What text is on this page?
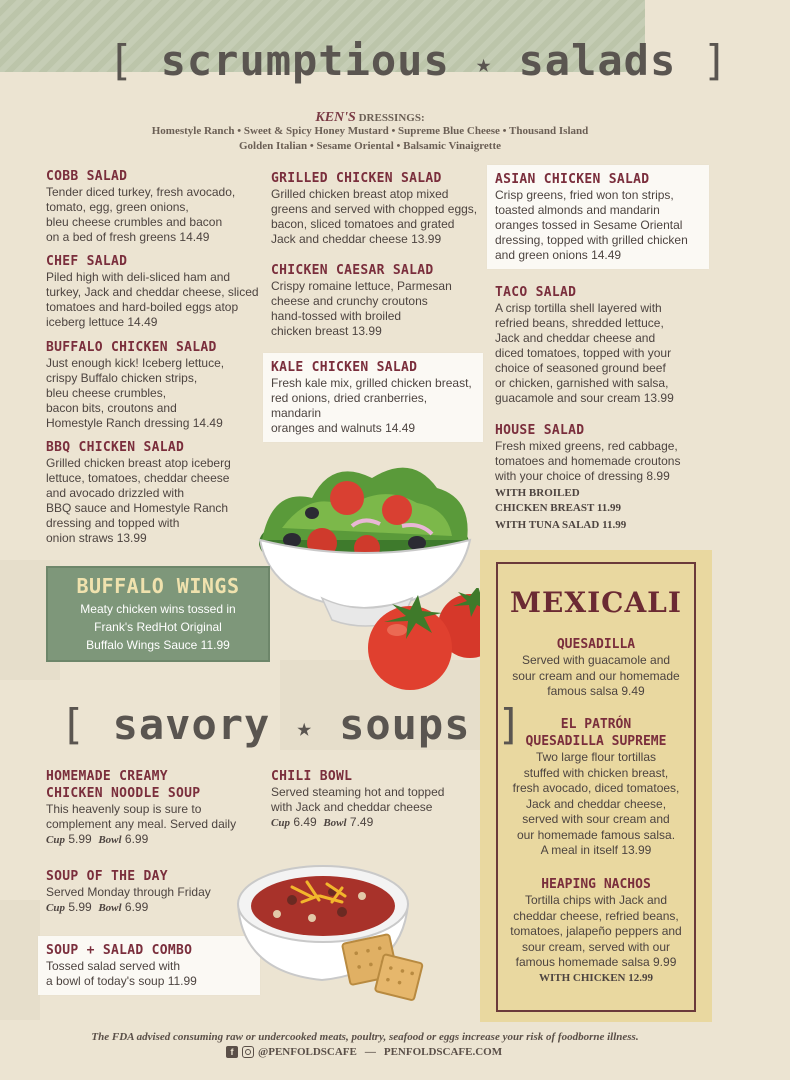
[ scrumptious ★ salads ]
KEN'S DRESSINGS:
Homestyle Ranch • Sweet & Spicy Honey Mustard • Supreme Blue Cheese • Thousand Island
Golden Italian • Sesame Oriental • Balsamic Vinaigrette
COBB SALAD
Tender diced turkey, fresh avocado,
tomato, egg, green onions,
bleu cheese crumbles and bacon
on a bed of fresh greens 14.49
CHEF SALAD
Piled high with deli-sliced ham and
turkey, Jack and cheddar cheese, sliced
tomatoes and hard-boiled eggs atop
iceberg lettuce 14.49
BUFFALO CHICKEN SALAD
Just enough kick! Iceberg lettuce,
crispy Buffalo chicken strips,
bleu cheese crumbles,
bacon bits, croutons and
Homestyle Ranch dressing 14.49
BBQ CHICKEN SALAD
Grilled chicken breast atop iceberg
lettuce, tomatoes, cheddar cheese
and avocado drizzled with
BBQ sauce and Homestyle Ranch
dressing and topped with
onion straws 13.99
GRILLED CHICKEN SALAD
Grilled chicken breast atop mixed
greens and served with chopped eggs,
bacon, sliced tomatoes and grated
Jack and cheddar cheese 13.99
CHICKEN CAESAR SALAD
Crispy romaine lettuce, Parmesan
cheese and crunchy croutons
hand-tossed with broiled
chicken breast 13.99
KALE CHICKEN SALAD
Fresh kale mix, grilled chicken breast,
red onions, dried cranberries, mandarin
oranges and walnuts 14.49
ASIAN CHICKEN SALAD
Crisp greens, fried won ton strips,
toasted almonds and mandarin
oranges tossed in Sesame Oriental
dressing, topped with grilled chicken
and green onions 14.49
TACO SALAD
A crisp tortilla shell layered with
refried beans, shredded lettuce,
Jack and cheddar cheese and
diced tomatoes, topped with your
choice of seasoned ground beef
or chicken, garnished with salsa,
guacamole and sour cream 13.99
HOUSE SALAD
Fresh mixed greens, red cabbage,
tomatoes and homemade croutons
with your choice of dressing 8.99
WITH BROILED
CHICKEN BREAST 11.99
WITH TUNA SALAD 11.99
BUFFALO WINGS
Meaty chicken wins tossed in
Frank's RedHot Original
Buffalo Wings Sauce 11.99
MEXICALI
QUESADILLA
Served with guacamole and
sour cream and our homemade
famous salsa 9.49
EL PATRÓN
QUESADILLA SUPREME
Two large flour tortillas
stuffed with chicken breast,
fresh avocado, diced tomatoes,
Jack and cheddar cheese,
served with sour cream and
our homemade famous salsa.
A meal in itself 13.99
HEAPING NACHOS
Tortilla chips with Jack and
cheddar cheese, refried beans,
tomatoes, jalapeño peppers and
sour cream, served with our
famous homemade salsa 9.99
WITH CHICKEN 12.99
[ savory ★ soups ]
HOMEMADE CREAMY
CHICKEN NOODLE SOUP
This heavenly soup is sure to
complement any meal. Served daily
Cup 5.99 Bowl 6.99
SOUP OF THE DAY
Served Monday through Friday
Cup 5.99 Bowl 6.99
SOUP + SALAD COMBO
Tossed salad served with
a bowl of today's soup 11.99
CHILI BOWL
Served steaming hot and topped
with Jack and cheddar cheese
Cup 6.49 Bowl 7.49
The FDA advised consuming raw or undercooked meats, poultry, seafood or eggs increase your risk of foodborne illness.
f	@PENFOLDSCAFE — PENFOLDSCAFE.COM
